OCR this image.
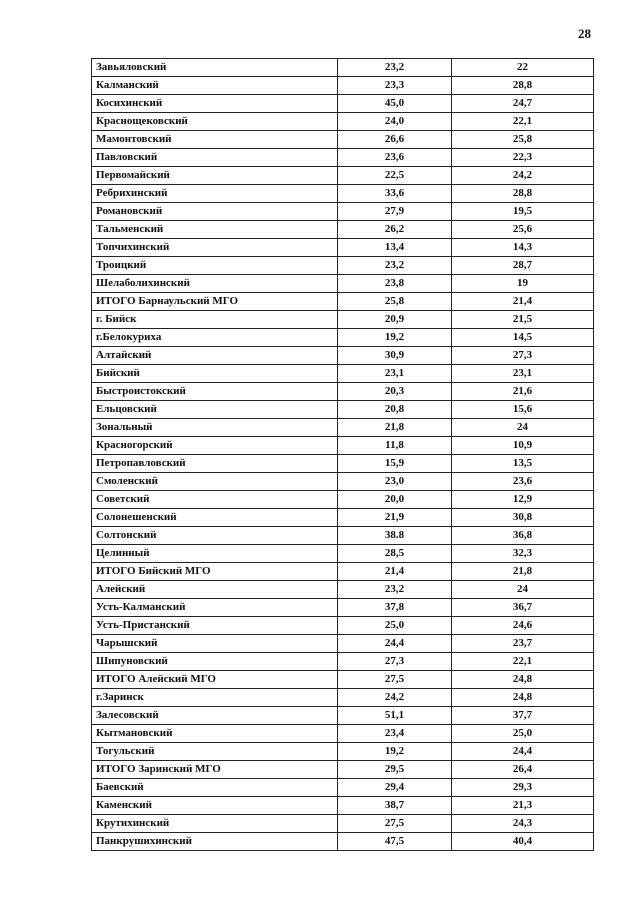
28
Завьяловский	23,2	22
Калманский	23,3	28,8
Косихинский	45,0	24,7
Краснощековский	24,0	22,1
Мамонтовский	26,6	25,8
Павловский	23,6	22,3
Первомайский	22,5	24,2
Ребрихинский	33,6	28,8
Романовский	27,9	19,5
Тальменский	26,2	25,6
Топчихинский	13,4	14,3
Троицкий	23,2	28,7
Шелаболихинский	23,8	19
ИТОГО Барнаульский МГО	25,8	21,4
г. Бийск	20,9	21,5
г.Белокуриха	19,2	14,5
Алтайский	30,9	27,3
Бийский	23,1	23,1
Быстроистокский	20,3	21,6
Ельцовский	20,8	15,6
Зональный	21,8	24
Красногорский	11,8	10,9
Петропавловский	15,9	13,5
Смоленский	23,0	23,6
Советский	20,0	12,9
Солонешенский	21,9	30,8
Солтонский	38.8	36,8
Целинный	28,5	32,3
ИТОГО Бийский МГО	21,4	21,8
Алейский	23,2	24
Усть-Калманский	37,8	36,7
Усть-Пристанский	25,0	24,6
Чарышский	24,4	23,7
Шипуновский	27,3	22,1
ИТОГО Алейский МГО	27,5	24,8
г.Заринск	24,2	24,8
Залесовский	51,1	37,7
Кытмановский	23,4	25,0
Тогульский	19,2	24,4
ИТОГО Заринский МГО	29,5	26,4
Баевский	29,4	29,3
Каменский	38,7	21,3
Крутихинский	27,5	24,3
Панкрушихинский	47,5	40,4
